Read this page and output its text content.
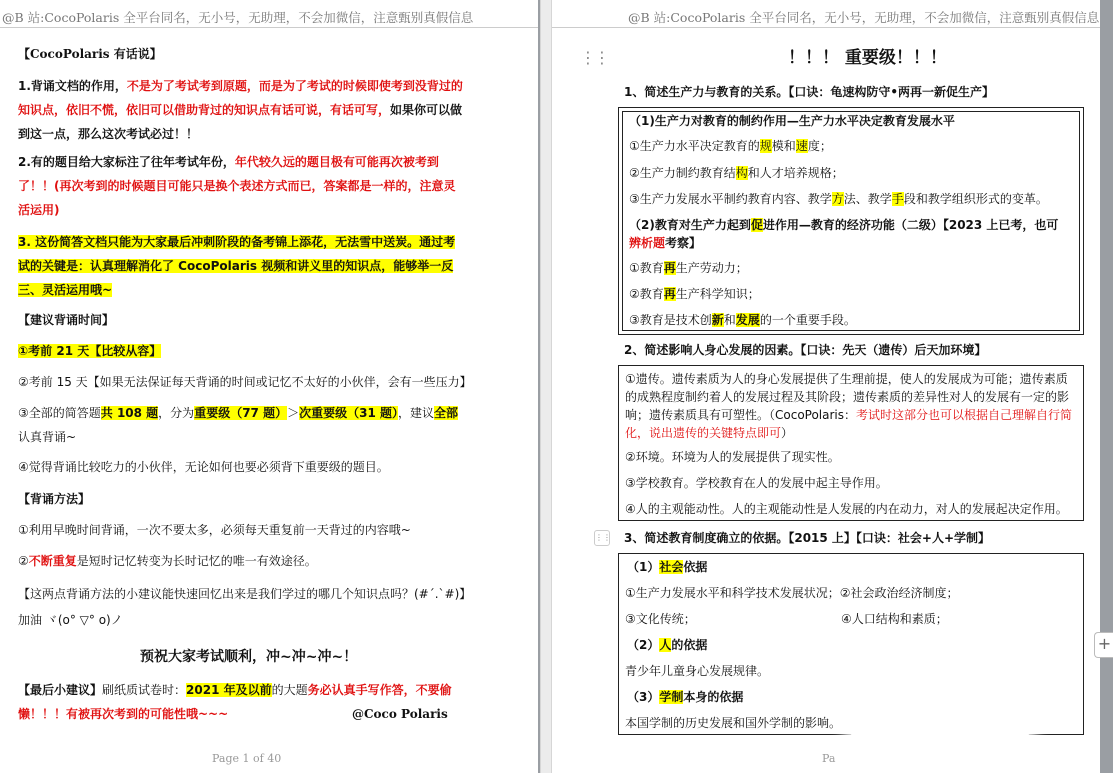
@B 站:CocoPolaris 全平台同名，无小号，无助理，不会加微信，注意甄别真假信息
【CocoPolaris 有话说】
1.背诵文档的作用，不是为了考试考到原题，而是为了考试的时候即使考到没背过的知识点，依旧不慌，依旧可以借助背过的知识点有话可说，有话可写，如果你可以做到这一点，那么这次考试必过！！
2.有的题目给大家标注了往年考试年份，年代较久远的题目极有可能再次被考到了！！(再次考到的时候题目可能只是换个表述方式而已，答案都是一样的，注意灵活运用)
3. 这份简答文档只能为大家最后冲刺阶段的备考锦上添花，无法雪中送炭。通过考试的关键是：认真理解消化了 CocoPolaris 视频和讲义里的知识点，能够举一反三、灵活运用哦~
【建议背诵时间】
①考前 21 天【比较从容】
②考前 15 天【如果无法保证每天背诵的时间或记忆不太好的小伙伴，会有一些压力】
③全部的简答题共 108 题，分为重要级（77 题）＞次重要级（31 题），建议全部认真背诵~
④觉得背诵比较吃力的小伙伴，无论如何也要必须背下重要级的题目。
【背诵方法】
①利用早晚时间背诵，一次不要太多，必须每天重复前一天背过的内容哦~
②不断重复是短时记忆转变为长时记忆的唯一有效途径。
【这两点背诵方法的小建议能快速回忆出来是我们学过的哪几个知识点吗？(#´.`#)】
加油 ヾ(o° ▽° o)ノ
预祝大家考试顺利，冲~冲~冲~！
【最后小建议】刷纸质试卷时：2021 年及以前的大题务必认真手写作答，不要偷懒！！！有被再次考到的可能性哦~~~	@Coco Polaris
Page 1 of 40
@B 站:CocoPolaris 全平台同名，无小号，无助理，不会加微信，注意甄别真假信息
⋮⋮	！！！ 重要级！！！
1、简述生产力与教育的关系。【口诀：龟速构防守•两再一新促生产】
（1)生产力对教育的制约作用—生产力水平决定教育发展水平
①生产力水平决定教育的规模和速度；
②生产力制约教育结构和人才培养规格；
③生产力发展水平制约教育内容、教学方法、教学手段和教学组织形式的变革。
（2)教育对生产力起到促进作用—教育的经济功能（二级）【2023 上已考，也可辨析题考察】
①教育再生产劳动力；
②教育再生产科学知识；
③教育是技术创新和发展的一个重要手段。
2、简述影响人身心发展的因素。【口诀：先天（遗传）后天加环境】
①遗传。遗传素质为人的身心发展提供了生理前提，使人的发展成为可能；遗传素质
的成熟程度制约着人的发展过程及其阶段；遗传素质的差异性对人的发展有一定的影
响；遗传素质具有可塑性。（CocoPolaris：考试时这部分也可以根据自己理解自行简
化，说出遗传的关键特点即可）
②环境。环境为人的发展提供了现实性。
③学校教育。学校教育在人的发展中起主导作用。
④人的主观能动性。人的主观能动性是人发展的内在动力，对人的发展起决定作用。
⋮⋮ 3、简述教育制度确立的依据。【2015 上】【口诀：社会+人+学制】
（1）社会依据
①生产力发展水平和科学技术发展状况；②社会政治经济制度；
③文化传统；	④人口结构和素质；
（2）人的依据
青少年儿童身心发展规律。
（3）学制本身的依据
本国学制的历史发展和国外学制的影响。
Pa
+
